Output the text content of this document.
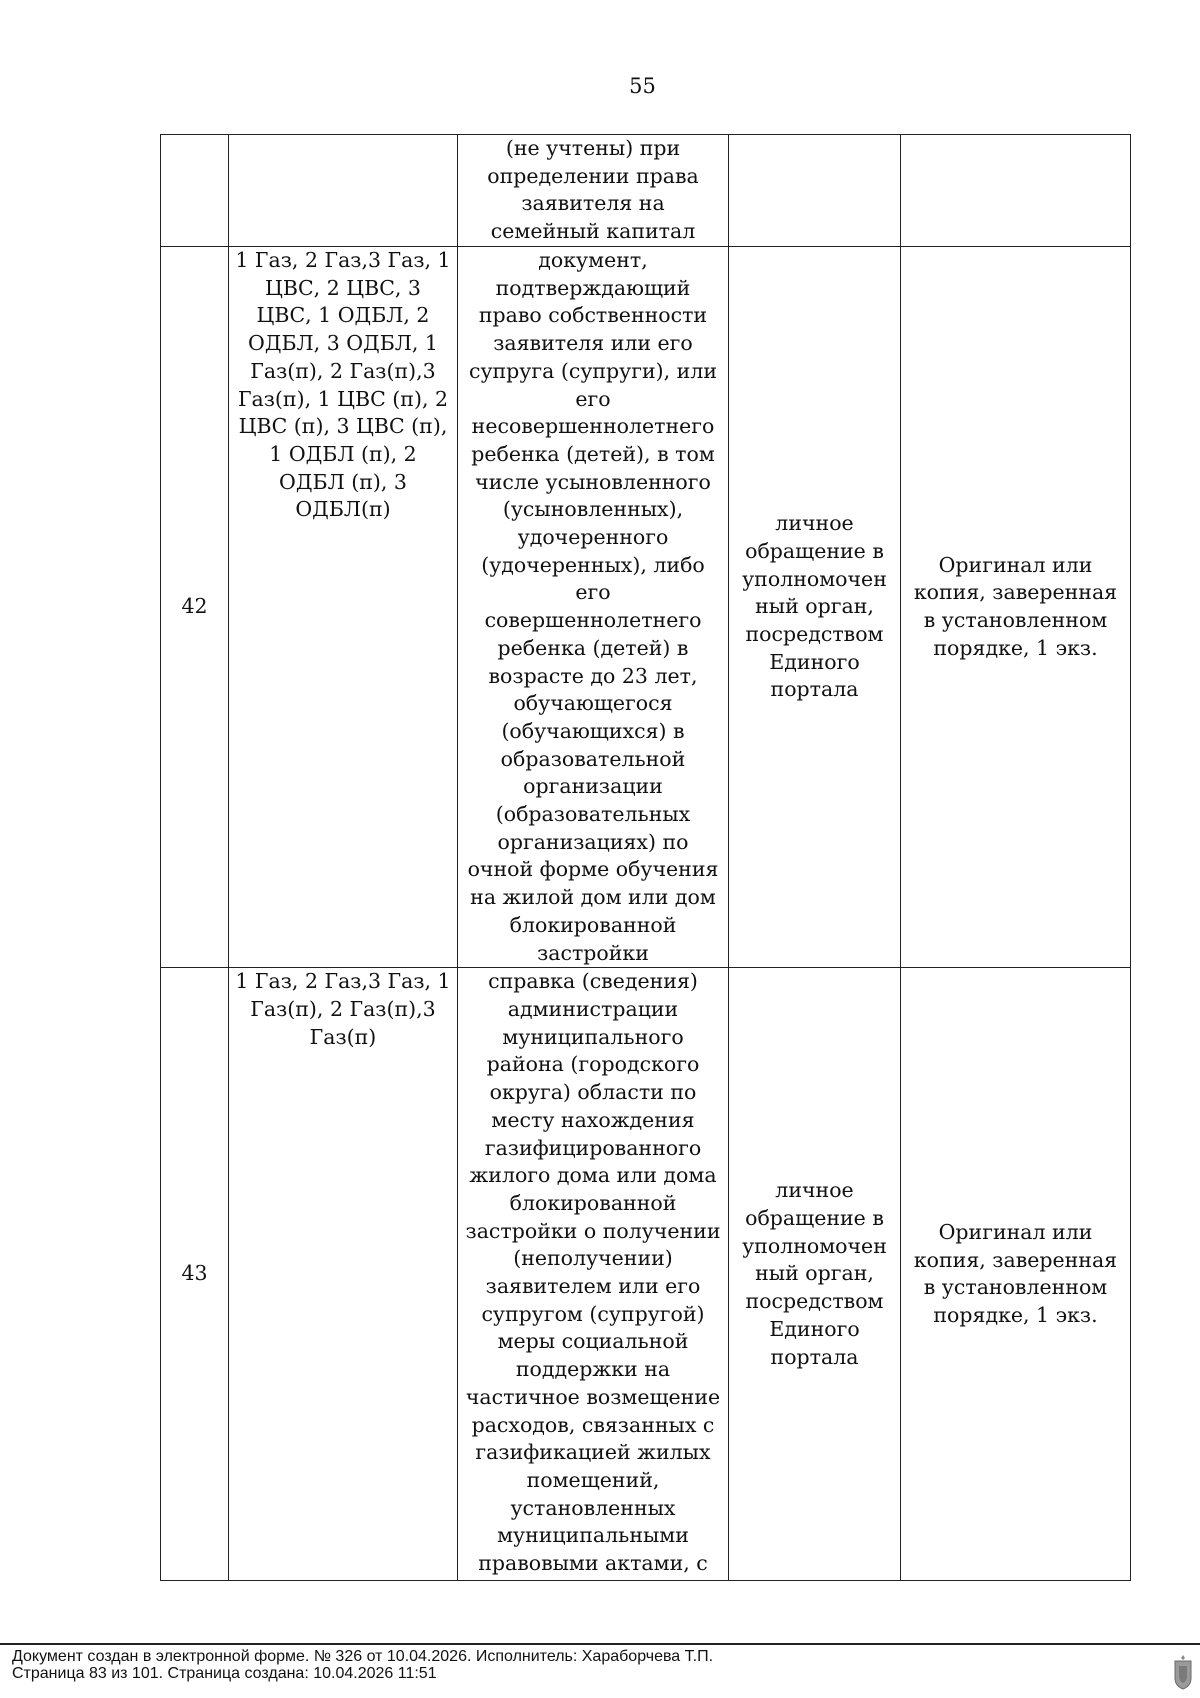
55
		(не учтены) при определении права заявителя на семейный капитал		
42	1 Газ, 2 Газ,3 Газ, 1 ЦВС, 2 ЦВС, 3 ЦВС, 1 ОДБЛ, 2 ОДБЛ, 3 ОДБЛ, 1 Газ(п), 2 Газ(п),3 Газ(п), 1 ЦВС (п), 2 ЦВС (п), 3 ЦВС (п), 1 ОДБЛ (п), 2 ОДБЛ (п), 3 ОДБЛ(п)	документ, подтверждающий право собственности заявителя или его супруга (супруги), или его несовершеннолетнего ребенка (детей), в том числе усыновленного (усыновленных), удочеренного (удочеренных), либо его совершеннолетнего ребенка (детей) в возрасте до 23 лет, обучающегося (обучающихся) в образовательной организации (образовательных организациях) по очной форме обучения на жилой дом или дом блокированной застройки	личное обращение в уполномочен ный орган, посредством Единого портала	Оригинал или копия, заверенная в установленном порядке, 1 экз.
43	1 Газ, 2 Газ,3 Газ, 1 Газ(п), 2 Газ(п),3 Газ(п)	справка (сведения) администрации муниципального района (городского округа) области по месту нахождения газифицированного жилого дома или дома блокированной застройки о получении (неполучении) заявителем или его супругом (супругой) меры социальной поддержки на частичное возмещение расходов, связанных с газификацией жилых помещений, установленных муниципальными правовыми актами, с	личное обращение в уполномочен ный орган, посредством Единого портала	Оригинал или копия, заверенная в установленном порядке, 1 экз.
Документ создан в электронной форме. № 326 от 10.04.2026. Исполнитель: Хараборчева Т.П.
Страница 83 из 101. Страница создана: 10.04.2026 11:51
